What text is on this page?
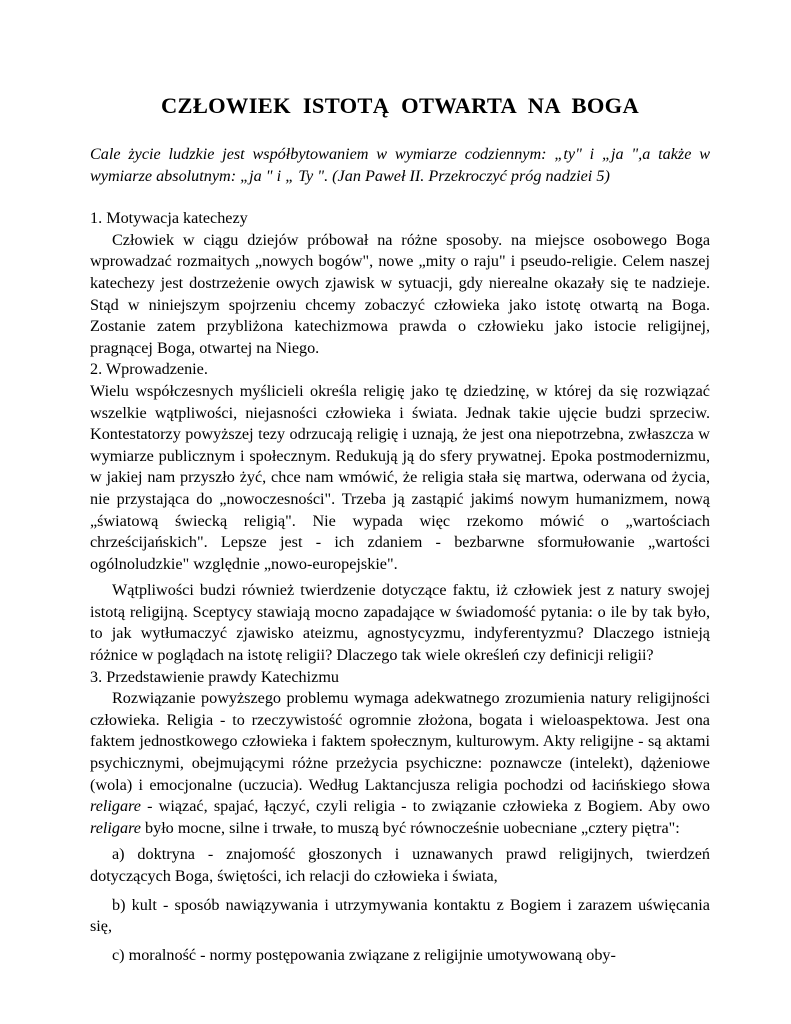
CZŁOWIEK ISTOTĄ OTWARTA NA BOGA

Cale życie ludzkie jest współbytowaniem w wymiarze codziennym: „ty" i „ja ",a także w wymiarze absolutnym: „ja " i „ Ty ". (Jan Paweł II. Przekroczyć próg nadziei 5)

1. Motywacja katechezy

Człowiek w ciągu dziejów próbował na różne sposoby. na miejsce osobowego Boga wprowadzać rozmaitych „nowych bogów", nowe „mity o raju" i pseudo-religie. Celem naszej katechezy jest dostrzeżenie owych zjawisk w sytuacji, gdy nierealne okazały się te nadzieje. Stąd w niniejszym spojrzeniu chcemy zobaczyć człowieka jako istotę otwartą na Boga. Zostanie zatem przybliżona katechizmowa prawda o człowieku jako istocie religijnej, pragnącej Boga, otwartej na Niego.

2. Wprowadzenie.

Wielu współczesnych myślicieli określa religię jako tę dziedzinę, w której da się rozwiązać wszelkie wątpliwości, niejasności człowieka i świata. Jednak takie ujęcie budzi sprzeciw. Kontestatorzy powyższej tezy odrzucają religię i uznają, że jest ona niepotrzebna, zwłaszcza w wymiarze publicznym i społecznym. Redukują ją do sfery prywatnej. Epoka postmodernizmu, w jakiej nam przyszło żyć, chce nam wmówić, że religia stała się martwa, oderwana od życia, nie przystająca do „nowoczesności". Trzeba ją zastąpić jakimś nowym humanizmem, nową „światową świecką religią". Nie wypada więc rzekomo mówić o „wartościach chrześcijańskich". Lepsze jest - ich zdaniem - bezbarwne sformułowanie „wartości ogólnoludzkie" względnie „nowo-europejskie".

Wątpliwości budzi również twierdzenie dotyczące faktu, iż człowiek jest z natury swojej istotą religijną. Sceptycy stawiają mocno zapadające w świadomość pytania: o ile by tak było, to jak wytłumaczyć zjawisko ateizmu, agnostycyzmu, indyferentyzmu? Dlaczego istnieją różnice w poglądach na istotę religii? Dlaczego tak wiele określeń czy definicji religii?

3. Przedstawienie prawdy Katechizmu

Rozwiązanie powyższego problemu wymaga adekwatnego zrozumienia natury religijności człowieka. Religia - to rzeczywistość ogromnie złożona, bogata i wieloaspektowa. Jest ona faktem jednostkowego człowieka i faktem społecznym, kulturowym. Akty religijne - są aktami psychicznymi, obejmującymi różne przeżycia psychiczne: poznawcze (intelekt), dążeniowe (wola) i emocjonalne (uczucia). Według Laktancjusza religia pochodzi od łacińskiego słowa religare - wiązać, spajać, łączyć, czyli religia - to związanie człowieka z Bogiem. Aby owo religare było mocne, silne i trwałe, to muszą być równocześnie uobecniane „cztery piętra":

a) doktryna - znajomość głoszonych i uznawanych prawd religijnych, twierdzeń dotyczących Boga, świętości, ich relacji do człowieka i świata,

b) kult - sposób nawiązywania i utrzymywania kontaktu z Bogiem i zarazem uświęcania się,

c) moralność - normy postępowania związane z religijnie umotywowaną oby-
